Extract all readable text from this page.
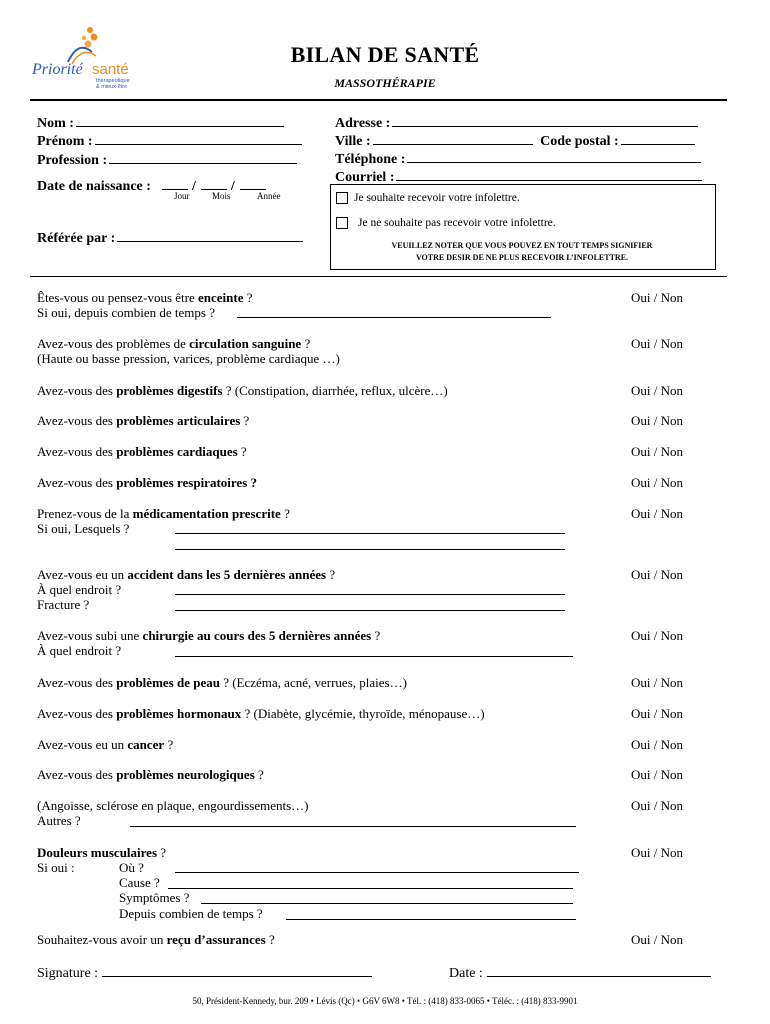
Priorité santé
thérapeutique
& mieux-être
BILAN DE SANTÉ
MASSOTHÉRAPIE
Nom :
Prénom :
Profession :
Date de naissance :	/  /
Jour	Mois	Année
Référée par :
Adresse :
Ville :	Code postal :
Téléphone :
Courriel :
Je souhaite recevoir votre infolettre.
Je ne souhaite pas recevoir votre infolettre.
VEUILLEZ NOTER QUE VOUS POUVEZ EN TOUT TEMPS SIGNIFIER
VOTRE DESIR DE NE PLUS RECEVOIR L’INFOLETTRE.
Êtes-vous ou pensez-vous être enceinte ?	Oui / Non
Si oui, depuis combien de temps ?
Avez-vous des problèmes de circulation sanguine ?	Oui / Non
(Haute ou basse pression, varices, problème cardiaque …)
Avez-vous des problèmes digestifs ? (Constipation, diarrhée, reflux, ulcère…)	Oui / Non
Avez-vous des problèmes articulaires ?	Oui / Non
Avez-vous des problèmes cardiaques ?	Oui / Non
Avez-vous des problèmes respiratoires ?	Oui / Non
Prenez-vous de la médicamentation prescrite ?	Oui / Non
Si oui, Lesquels ?
Avez-vous eu un accident dans les 5 dernières années ?	Oui / Non
À quel endroit ?
Fracture ?
Avez-vous subi une chirurgie au cours des 5 dernières années ?	Oui / Non
À quel endroit ?
Avez-vous des problèmes de peau ? (Eczéma, acné, verrues, plaies…)	Oui / Non
Avez-vous des problèmes hormonaux ? (Diabète, glycémie, thyroïde, ménopause…)	Oui / Non
Avez-vous eu un cancer ?	Oui / Non
Avez-vous des problèmes neurologiques ?	Oui / Non
(Angoisse, sclérose en plaque, engourdissements…)	Oui / Non
Autres ?
Douleurs musculaires ?	Oui / Non
Si oui :	Où ?
Cause ?
Symptômes ?
Depuis combien de temps ?
Souhaitez-vous avoir un reçu d’assurances ?	Oui / Non
Signature :	Date :
50, Président-Kennedy, bur. 209 • Lévis (Qc) • G6V 6W8 • Tél. : (418) 833-0065 • Téléc. : (418) 833-9901
